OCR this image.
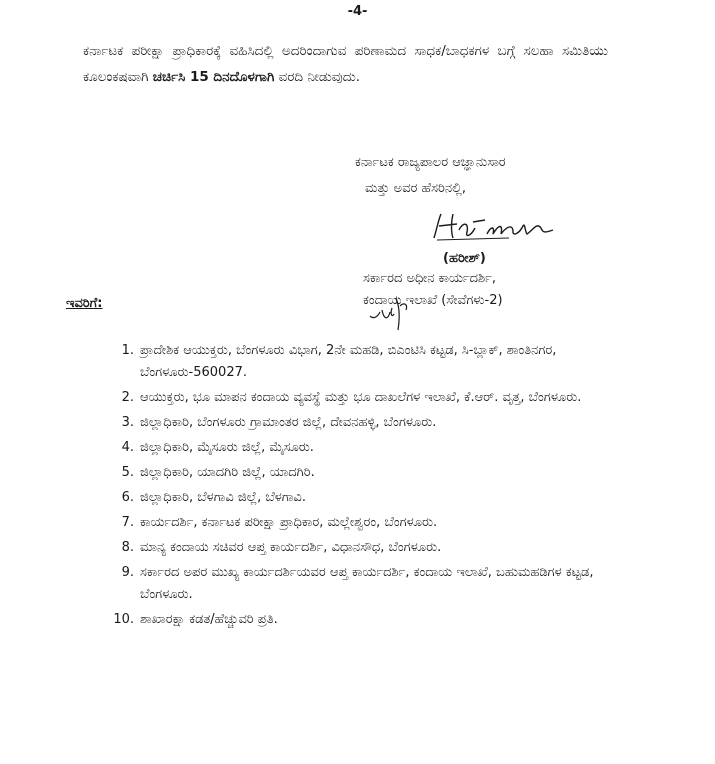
-4-
ಕರ್ನಾಟಕ ಪರೀಕ್ಷಾ ಪ್ರಾಧಿಕಾರಕ್ಕೆ ವಹಿಸಿದಲ್ಲಿ ಅದರಿಂದಾಗುವ ಪರಿಣಾಮದ ಸಾಧಕ/ಬಾಧಕಗಳ ಬಗ್ಗೆ ಸಲಹಾ ಸಮಿತಿಯು ಕೂಲಂಕಷವಾಗಿ ಚರ್ಚಿಸಿ 15 ದಿನದೊಳಗಾಗಿ ವರದಿ ನೀಡುವುದು.
ಕರ್ನಾಟಕ ರಾಜ್ಯಪಾಲರ ಆಜ್ಞಾನುಸಾರ
ಮತ್ತು ಅವರ ಹೆಸರಿನಲ್ಲಿ,
(ಹರೀಶ್)
ಸರ್ಕಾರದ ಅಧೀನ ಕಾರ್ಯದರ್ಶಿ,
ಕಂದಾಯ ಇಲಾಖೆ (ಸೇವೆಗಳು-2)
ಇವರಿಗೆ:
1. ಪ್ರಾದೇಶಿಕ ಆಯುಕ್ತರು, ಬೆಂಗಳೂರು ವಿಭಾಗ, 2ನೇ ಮಹಡಿ, ಬಿಎಂಟಿಸಿ ಕಟ್ಟಡ, ಸಿ-ಬ್ಲಾಕ್, ಶಾಂತಿನಗರ, ಬೆಂಗಳೂರು-560027.
2. ಆಯುಕ್ತರು, ಭೂ ಮಾಪನ ಕಂದಾಯ ವ್ಯವಸ್ಥೆ ಮತ್ತು ಭೂ ದಾಖಲೆಗಳ ಇಲಾಖೆ, ಕೆ.ಆರ್. ವೃತ್ತ, ಬೆಂಗಳೂರು.
3. ಜಿಲ್ಲಾಧಿಕಾರಿ, ಬೆಂಗಳೂರು ಗ್ರಾಮಾಂತರ ಜಿಲ್ಲೆ, ದೇವನಹಳ್ಳಿ, ಬೆಂಗಳೂರು.
4. ಜಿಲ್ಲಾಧಿಕಾರಿ, ಮೈಸೂರು ಜಿಲ್ಲೆ, ಮೈಸೂರು.
5. ಜಿಲ್ಲಾಧಿಕಾರಿ, ಯಾದಗಿರಿ ಜಿಲ್ಲೆ, ಯಾದಗಿರಿ.
6. ಜಿಲ್ಲಾಧಿಕಾರಿ, ಬೆಳಗಾವಿ ಜಿಲ್ಲೆ, ಬೆಳಗಾವಿ.
7. ಕಾರ್ಯದರ್ಶಿ, ಕರ್ನಾಟಕ ಪರೀಕ್ಷಾ ಪ್ರಾಧಿಕಾರ, ಮಲ್ಲೇಶ್ವರಂ, ಬೆಂಗಳೂರು.
8. ಮಾನ್ಯ ಕಂದಾಯ ಸಚಿವರ ಆಪ್ತ ಕಾರ್ಯದರ್ಶಿ, ವಿಧಾನಸೌಧ, ಬೆಂಗಳೂರು.
9. ಸರ್ಕಾರದ ಅಪರ ಮುಖ್ಯ ಕಾರ್ಯದರ್ಶಿಯವರ ಆಪ್ತ ಕಾರ್ಯದರ್ಶಿ, ಕಂದಾಯ ಇಲಾಖೆ, ಬಹುಮಹಡಿಗಳ ಕಟ್ಟಡ, ಬೆಂಗಳೂರು.
10. ಶಾಖಾರಕ್ಷಾ ಕಡತ/ಹೆಚ್ಚುವರಿ ಪ್ರತಿ.
